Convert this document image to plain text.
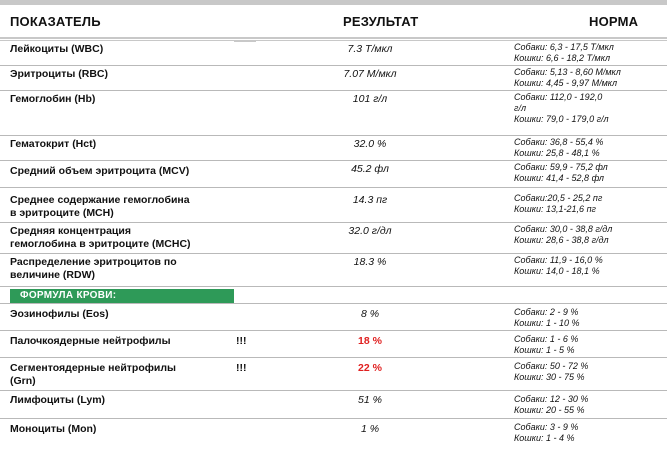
ПОКАЗАТЕЛЬ	РЕЗУЛЬТАТ	НОРМА
Лейкоциты (WBC)	7.3 Т/мкл	Собаки: 6,3 - 17,5 Т/мкл
Кошки: 6,6 - 18,2 Т/мкл
Эритроциты (RBC)	7.07 М/мкл	Собаки: 5,13 - 8,60 М/мкл
Кошки: 4,45 - 9,97 М/мкл
Гемоглобин (Hb)	101 г/л	Собаки: 112,0 - 192,0
г/л
Кошки: 79,0 - 179,0 г/л
Гематокрит (Hct)	32.0 %	Собаки: 36,8 - 55,4 %
Кошки: 25,8 - 48,1 %
Средний объем эритроцита (MCV)	45.2 фл	Собаки: 59,9 - 75,2 фл
Кошки: 41,4 - 52,8 фл
Среднее содержание гемоглобина
в эритроците (MCH)
14.3 пг	Собаки:20,5 - 25,2 пг
Кошки: 13,1-21,6 пг
Средняя концентрация
гемоглобина в эритроците (MCHC)
32.0 г/дл	Собаки: 30,0 - 38,8 г/дл
Кошки: 28,6 - 38,8 г/дл
Распределение эритроцитов по
величине (RDW)
18.3 %	Собаки: 11,9 - 16,0 %
Кошки: 14,0 - 18,1 %
ФОРМУЛА КРОВИ:
Эозинофилы (Eos)	8 %	Собаки: 2 - 9 %
Кошки: 1 - 10 %
Палочкоядерные нейтрофилы	!!!	18 %	Собаки: 1 - 6 %
Кошки: 1 - 5 %
Сегментоядерные нейтрофилы
(Grn)
!!!	22 %	Собаки: 50 - 72 %
Кошки: 30 - 75 %
Лимфоциты (Lym)	51 %	Собаки: 12 - 30 %
Кошки: 20 - 55 %
Моноциты (Mon)	1 %	Собаки: 3 - 9 %
Кошки: 1 - 4 %
